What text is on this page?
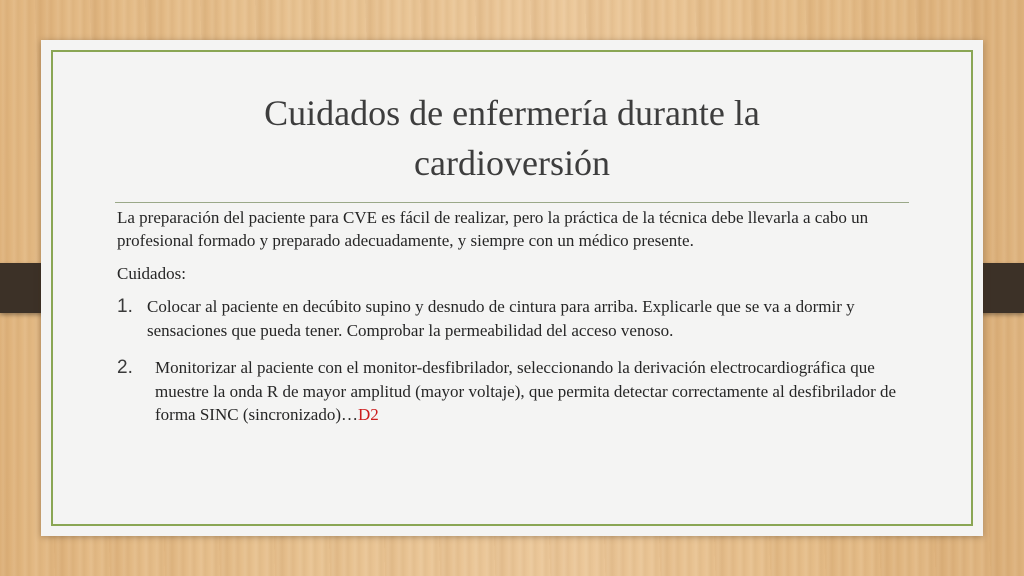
Cuidados de enfermería durante la
cardioversión

La preparación del paciente para CVE es fácil de realizar, pero la práctica de la técnica debe llevarla a cabo un profesional formado y preparado adecuadamente, y siempre con un médico presente.

Cuidados:

1. Colocar al paciente en decúbito supino y desnudo de cintura para arriba. Explicarle que se va a dormir y sensaciones que pueda tener. Comprobar la permeabilidad del acceso venoso.
2. Monitorizar al paciente con el monitor-desfibrilador, seleccionando la derivación electrocardiográfica que muestre la onda R de mayor amplitud (mayor voltaje), que permita detectar correctamente al desfibrilador de forma SINC (sincronizado)…D2
